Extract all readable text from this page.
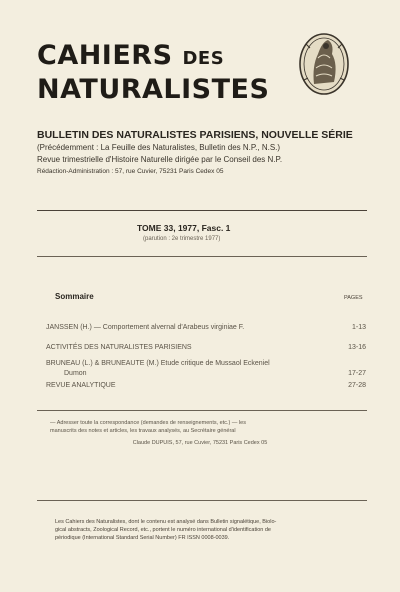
CAHIERS DES
NATURALISTES
BULLETIN DES NATURALISTES PARISIENS, NOUVELLE SÉRIE
(Précédemment : La Feuille des Naturalistes, Bulletin des N.P., N.S.)
Revue trimestrielle d'Histoire Naturelle dirigée par le Conseil des N.P.
Rédaction-Administration : 57, rue Cuvier, 75231 Paris Cedex 05
TOME 33, 1977, Fasc. 1
(parution : 2e trimestre 1977)
Sommaire	PAGES
JANSSEN (H.) — Comportement alvernal d'Arabeus virginiae F.	1-13
ACTIVITÉS DES NATURALISTES PARISIENS	13-16
BRUNEAU (L.) & BRUNEAUTE (M.) Etude critique de Mussaol Eckeniel
Dumon	17-27
REVUE ANALYTIQUE	27-28
— Adresser toute la correspondance (demandes de renseignements, etc.) — les
manuscrits des notes et articles, les travaux analysés, au Secrétaire général
Claude DUPUIS, 57, rue Cuvier, 75231 Paris Cedex 05
Les Cahiers des Naturalistes, dont le contenu est analysé dans Bulletin signalétique, Biolo-
gical abstracts, Zoological Record, etc., portent le numéro international d'identification de
périodique (International Standard Serial Number) FR ISSN 0008-0039.
